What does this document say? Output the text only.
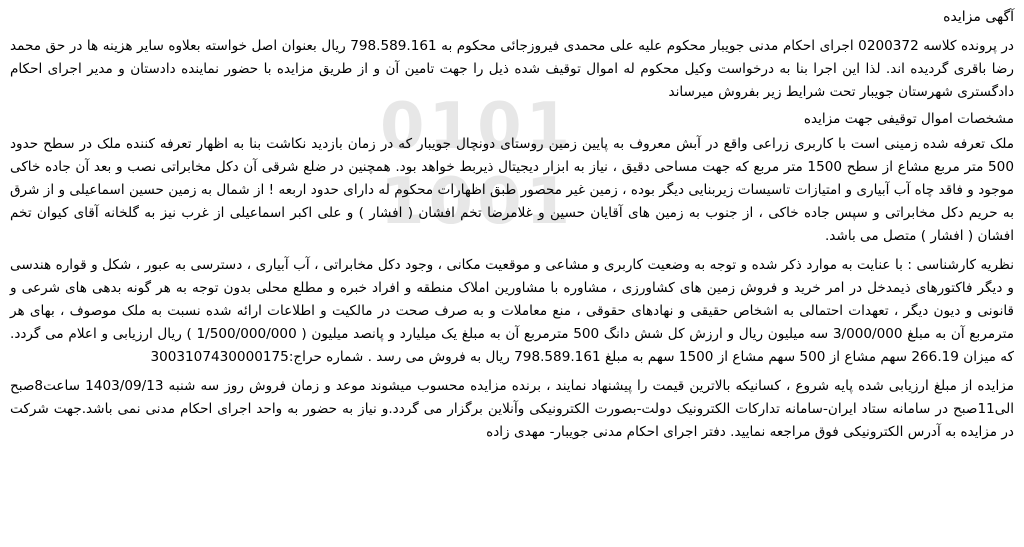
0101
1001
آگهی مزایده

در پرونده کلاسه 0200372 اجرای احکام مدنی جویبار محکوم علیه علی محمدی فیروزجائی محکوم به 798.589.161 ریال بعنوان اصل خواسته بعلاوه سایر هزینه ها در حق محمد رضا باقری گردیده اند. لذا این اجرا بنا به درخواست وکیل محکوم له اموال توقیف شده ذیل را جهت تامین آن و از طریق مزایده با حضور نماینده دادستان و مدیر اجرای احکام دادگستری شهرستان جویبار تحت شرایط زیر بفروش میرساند

مشخصات اموال توقیفی جهت مزایده

ملک تعرفه شده زمینی است با کاربری زراعی واقع در آبش معروف به پایین زمین روستای دونچال جویبار که در زمان بازدید نکاشت بنا به اظهار تعرفه کننده ملک در سطح حدود 500 متر مربع مشاع از سطح 1500 متر مربع که جهت مساحی دقیق ، نیاز به ابزار دیجیتال ذیربط خواهد بود. همچنین در ضلع شرقی آن دکل مخابراتی نصب و بعد آن جاده خاکی موجود و فاقد چاه آب آبیاری و امتیازات تاسیسات زیربنایی دیگر بوده ، زمین غیر محصور طبق اظهارات محکوم له دارای حدود اربعه ! از شمال به زمین حسین اسماعیلی و از شرق به حریم دکل مخابراتی و سپس جاده خاکی ، از جنوب به زمین های آقایان حسین و غلامرضا تخم افشان ( افشار ) و علی اکبر اسماعیلی از غرب نیز به گلخانه آقای کیوان تخم افشان ( افشار ) متصل می باشد.

نظریه کارشناسی : با عنایت به موارد ذکر شده و توجه به وضعیت کاربری و مشاعی و موقعیت مکانی ، وجود دکل مخابراتی ، آب آبیاری ، دسترسی به عبور ، شکل و قواره هندسی و دیگر فاکتورهای ذیمدخل در امر خرید و فروش زمین های کشاورزی ، مشاوره با مشاورین املاک منطقه و افراد خبره و مطلع محلی بدون توجه به هر گونه بدهی های شرعی و قانونی و دیون دیگر ، تعهدات احتمالی به اشخاص حقیقی و نهادهای حقوقی ، منع معاملات و به صرف صحت در مالکیت و اطلاعات ارائه شده نسبت به ملک موصوف ، بهای هر مترمربع آن به مبلغ 3/000/000 سه میلیون ریال و ارزش کل شش دانگ 500 مترمربع آن به مبلغ یک میلیارد و پانصد میلیون ( 1/500/000/000 ) ریال ارزیابی و اعلام می گردد. که میزان 266.19 سهم مشاع از 500 سهم مشاع از 1500 سهم به مبلغ 798.589.161 ریال به فروش می رسد . شماره حراج:3003107430000175

مزایده از مبلغ ارزیابی شده پایه شروع ، کسانیکه بالاترین قیمت را پیشنهاد نمایند ، برنده مزایده محسوب میشوند موعد و زمان فروش روز سه شنبه 1403/09/13 ساعت8صبح الی11صبح در سامانه ستاد ایران-سامانه تدارکات الکترونیک دولت-بصورت الکترونیکی وآنلاین برگزار می گردد.و نیاز به حضور به واحد اجرای احکام مدنی نمی باشد.جهت شرکت در مزایده به آدرس الکترونیکی فوق مراجعه نمایید. دفتر اجرای احکام مدنی جویبار- مهدی زاده
